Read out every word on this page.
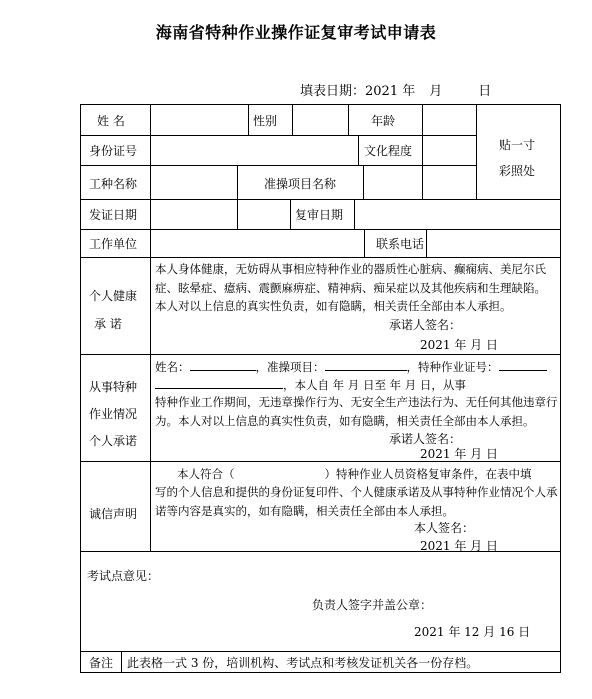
海南省特种作业操作证复审考试申请表
填表日期：2021 年 月	日
姓 名	性别	年龄
贴一寸
彩照处
身份证号	文化程度
工种名称	准操项目名称
发证日期	复审日期
工作单位	联系电话
个人健康
承 诺
本人身体健康，无妨碍从事相应特种作业的器质性心脏病、癫痫病、美尼尔氏症、眩晕症、癔病、震颤麻痹症、精神病、痴呆症以及其他疾病和生理缺陷。本人对以上信息的真实性负责，如有隐瞒，相关责任全部由本人承担。
承诺人签名：
2021 年 月 日
从事特种
作业情况
个人承诺
姓名：	，准操项目：	，特种作业证号：
，本人自 年 月 日至 年 月 日，从事
特种作业工作期间，无违章操作行为、无安全生产违法行为、无任何其他违章行为。本人对以上信息的真实性负责，如有隐瞒，相关责任全部由本人承担。
承诺人签名：
2021 年 月 日
诚信声明
本人符合（	）特种作业人员资格复审条件，在表中填
写的个人信息和提供的身份证复印件、个人健康承诺及从事特种作业情况个人承诺等内容是真实的，如有隐瞒，相关责任全部由本人承担。
本人签名：
2021 年 月 日
考试点意见：
负责人签字并盖公章：
2021 年 12 月 16 日
备注 此表格一式 3 份，培训机构、考试点和考核发证机关各一份存档。
